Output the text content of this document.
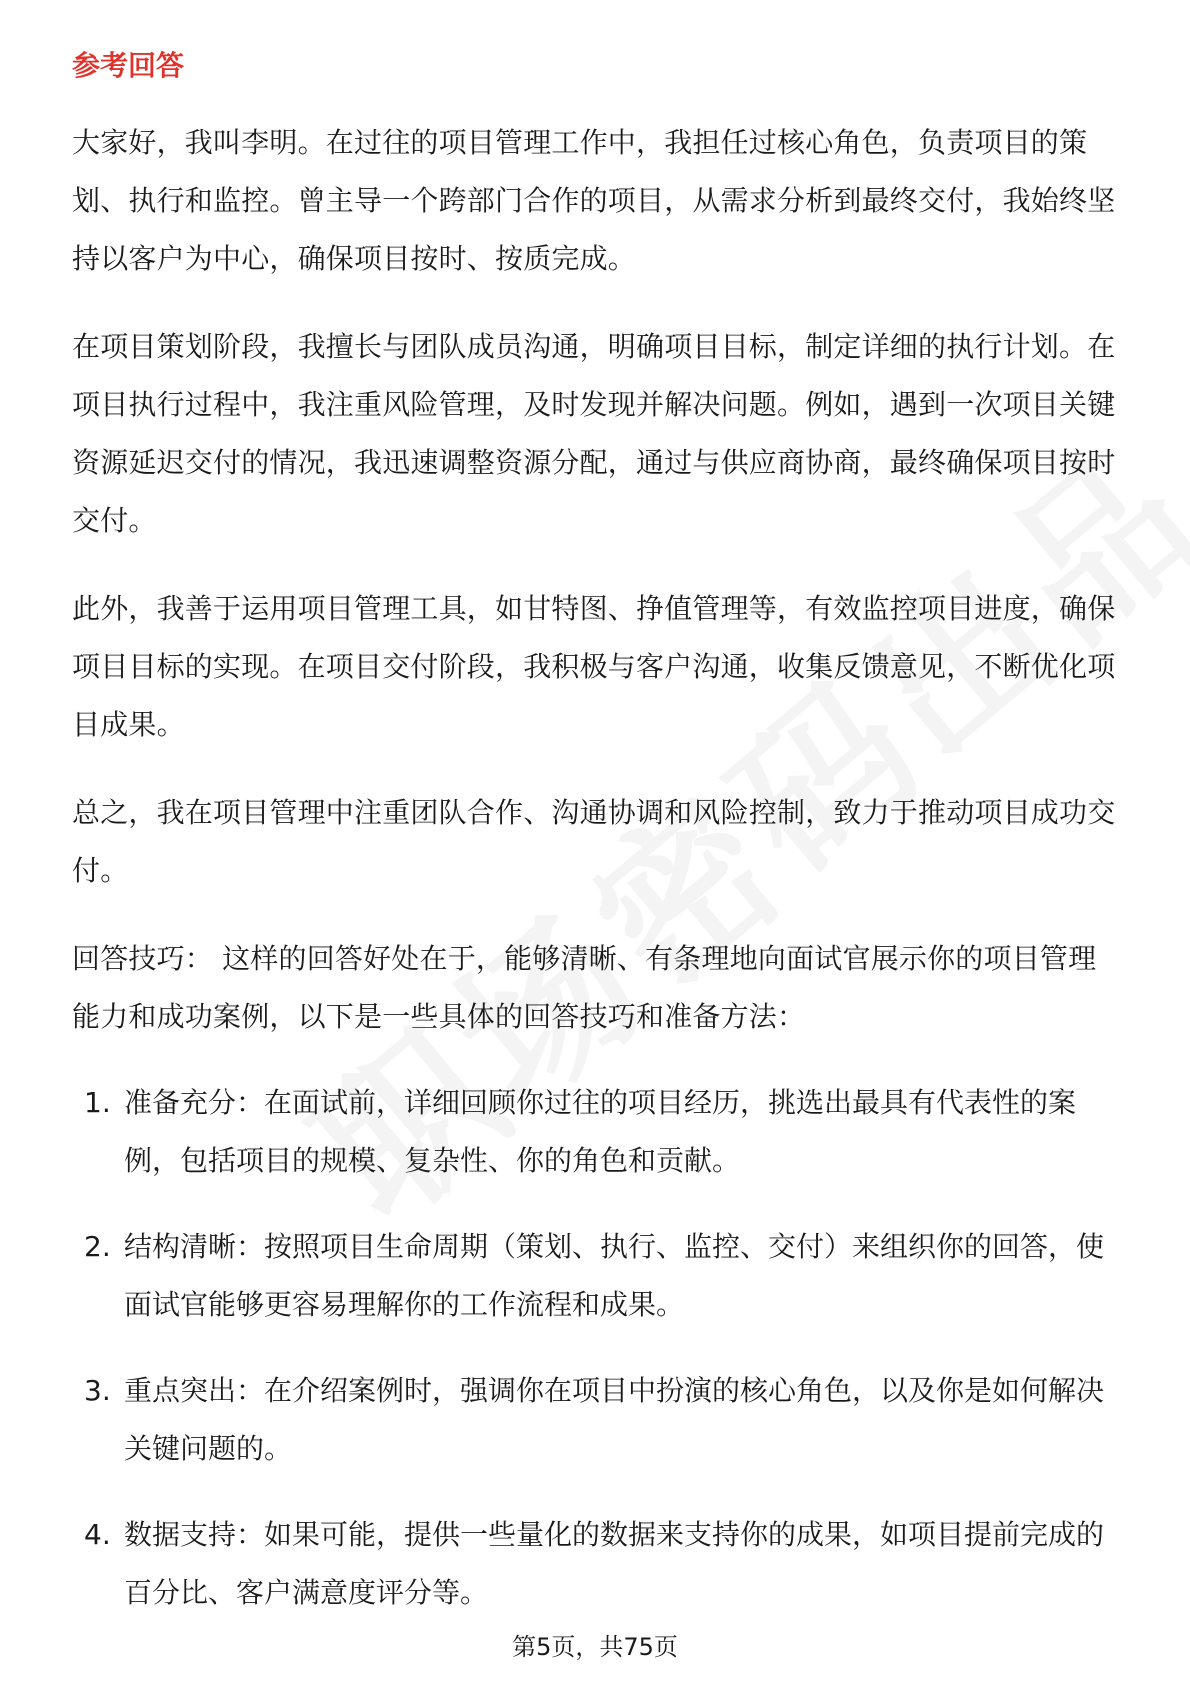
参考回答

大家好，我叫李明。在过往的项目管理工作中，我担任过核心角色，负责项目的策划、执行和监控。曾主导一个跨部门合作的项目，从需求分析到最终交付，我始终坚持以客户为中心，确保项目按时、按质完成。

在项目策划阶段，我擅长与团队成员沟通，明确项目目标，制定详细的执行计划。在项目执行过程中，我注重风险管理，及时发现并解决问题。例如，遇到一次项目关键资源延迟交付的情况，我迅速调整资源分配，通过与供应商协商，最终确保项目按时交付。

此外，我善于运用项目管理工具，如甘特图、挣值管理等，有效监控项目进度，确保项目目标的实现。在项目交付阶段，我积极与客户沟通，收集反馈意见，不断优化项目成果。

总之，我在项目管理中注重团队合作、沟通协调和风险控制，致力于推动项目成功交付。

回答技巧： 这样的回答好处在于，能够清晰、有条理地向面试官展示你的项目管理能力和成功案例，以下是一些具体的回答技巧和准备方法：

1. 准备充分：在面试前，详细回顾你过往的项目经历，挑选出最具有代表性的案例，包括项目的规模、复杂性、你的角色和贡献。
2. 结构清晰：按照项目生命周期（策划、执行、监控、交付）来组织你的回答，使面试官能够更容易理解你的工作流程和成果。
3. 重点突出：在介绍案例时，强调你在项目中扮演的核心角色，以及你是如何解决关键问题的。
4. 数据支持：如果可能，提供一些量化的数据来支持你的成果，如项目提前完成的百分比、客户满意度评分等。
第5页，共75页
